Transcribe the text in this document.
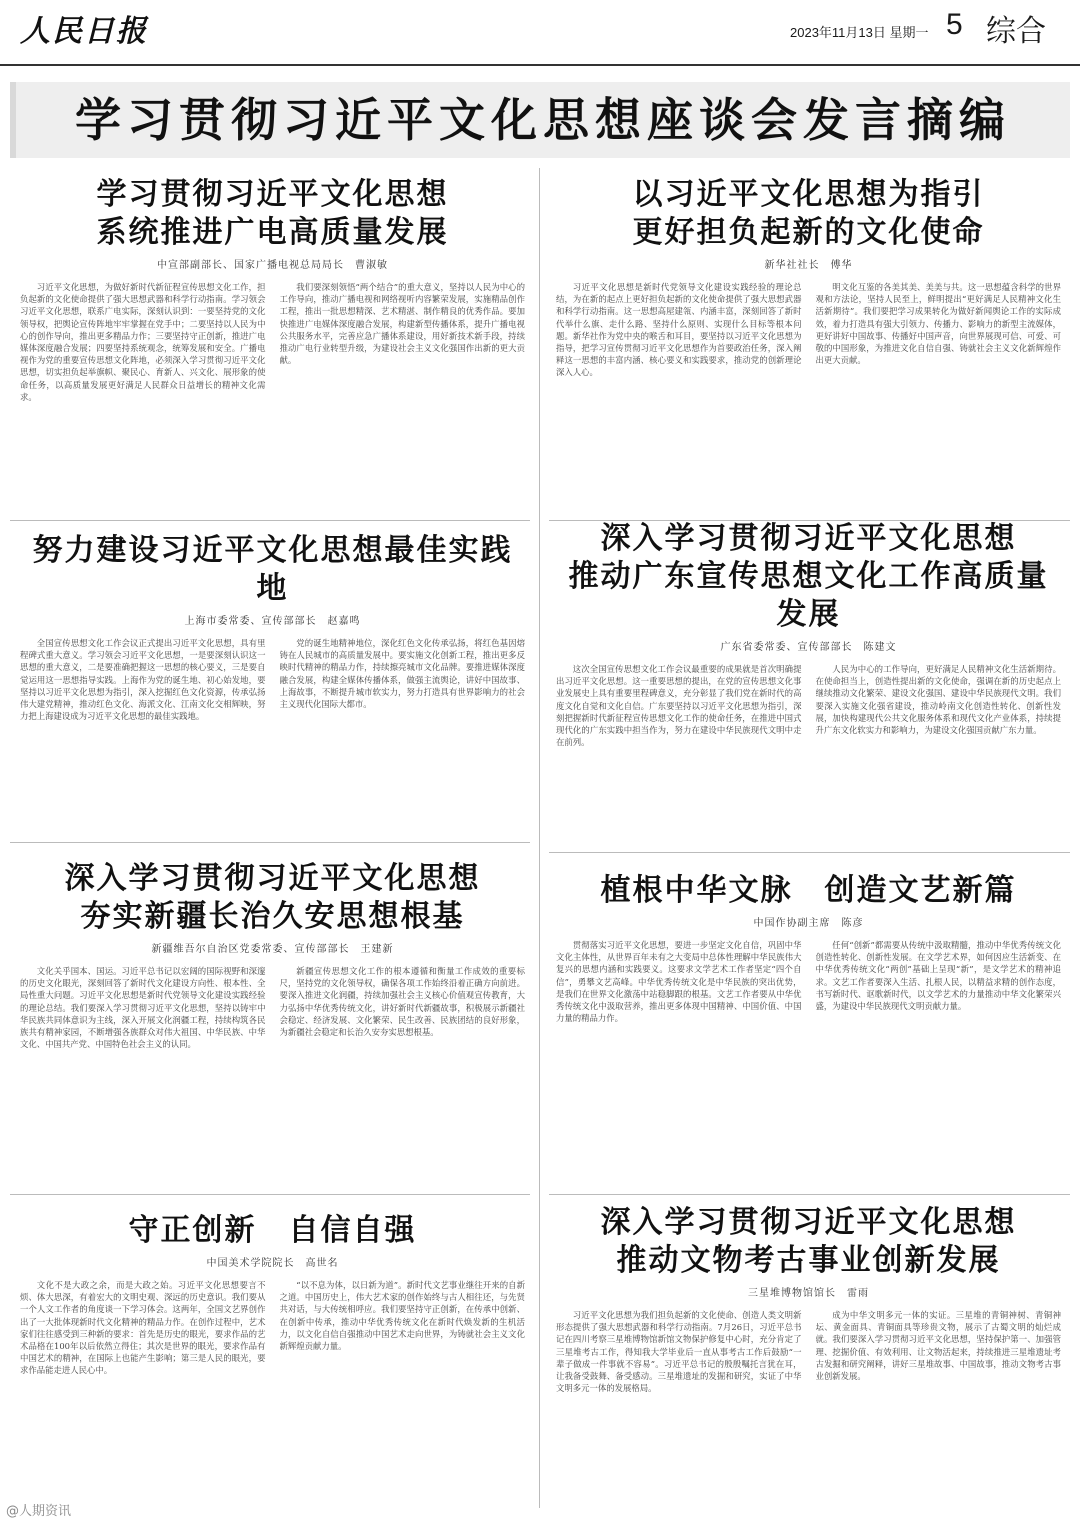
人民日报	2023年11月13日 星期一 5 综合
学习贯彻习近平文化思想座谈会发言摘编
学习贯彻习近平文化思想
系统推进广电高质量发展
中宣部副部长、国家广播电视总局局长　曹淑敏
习近平文化思想，为做好新时代新征程宣传思想文化工作，担负起新的文化使命提供了强大思想武器和科学行动指南。学习领会习近平文化思想，联系广电实际，深刻认识到：一要坚持党的文化领导权，把舆论宣传阵地牢牢掌握在党手中；二要坚持以人民为中心的创作导向，推出更多精品力作；三要坚持守正创新，推进广电媒体深度融合发展；四要坚持系统观念，统筹发展和安全。广播电视作为党的重要宣传思想文化阵地，必须深入学习贯彻习近平文化思想，切实担负起举旗帜、聚民心、育新人、兴文化、展形象的使命任务，以高质量发展更好满足人民群众日益增长的精神文化需求。
我们要深刻领悟“两个结合”的重大意义，坚持以人民为中心的工作导向，推动广播电视和网络视听内容繁荣发展，实施精品创作工程，推出一批思想精深、艺术精湛、制作精良的优秀作品。要加快推进广电媒体深度融合发展，构建新型传播体系，提升广播电视公共服务水平，完善应急广播体系建设，用好新技术新手段，持续推动广电行业转型升级，为建设社会主义文化强国作出新的更大贡献。
以习近平文化思想为指引
更好担负起新的文化使命
新华社社长　傅华
习近平文化思想是新时代党领导文化建设实践经验的理论总结，为在新的起点上更好担负起新的文化使命提供了强大思想武器和科学行动指南。这一思想高屋建瓴、内涵丰富，深刻回答了新时代举什么旗、走什么路、坚持什么原则、实现什么目标等根本问题。新华社作为党中央的喉舌和耳目，要坚持以习近平文化思想为指导，把学习宣传贯彻习近平文化思想作为首要政治任务，深入阐释这一思想的丰富内涵、核心要义和实践要求，推动党的创新理论深入人心。
明文化互鉴的各美其美、美美与共。这一思想蕴含科学的世界观和方法论，坚持人民至上，鲜明提出“更好满足人民精神文化生活新期待”。我们要把学习成果转化为做好新闻舆论工作的实际成效，着力打造具有强大引领力、传播力、影响力的新型主流媒体，更好讲好中国故事、传播好中国声音，向世界展现可信、可爱、可敬的中国形象，为推进文化自信自强、铸就社会主义文化新辉煌作出更大贡献。
努力建设习近平文化思想最佳实践地
上海市委常委、宣传部部长　赵嘉鸣
全国宣传思想文化工作会议正式提出习近平文化思想，具有里程碑式重大意义。学习领会习近平文化思想，一是要深刻认识这一思想的重大意义，二是要准确把握这一思想的核心要义，三是要自觉运用这一思想指导实践。上海作为党的诞生地、初心始发地，要坚持以习近平文化思想为指引，深入挖掘红色文化资源，传承弘扬伟大建党精神，推动红色文化、海派文化、江南文化交相辉映，努力把上海建设成为习近平文化思想的最佳实践地。
党的诞生地精神地位，深化红色文化传承弘扬，将红色基因熔铸在人民城市的高质量发展中。要实施文化创新工程，推出更多反映时代精神的精品力作，持续擦亮城市文化品牌。要推进媒体深度融合发展，构建全媒体传播体系，做强主流舆论，讲好中国故事、上海故事，不断提升城市软实力，努力打造具有世界影响力的社会主义现代化国际大都市。
深入学习贯彻习近平文化思想
推动广东宣传思想文化工作高质量发展
广东省委常委、宣传部部长　陈建文
这次全国宣传思想文化工作会议最重要的成果就是首次明确提出习近平文化思想。这一重要思想的提出，在党的宣传思想文化事业发展史上具有重要里程碑意义，充分彰显了我们党在新时代的高度文化自觉和文化自信。广东要坚持以习近平文化思想为指引，深刻把握新时代新征程宣传思想文化工作的使命任务，在推进中国式现代化的广东实践中担当作为，努力在建设中华民族现代文明中走在前列。
人民为中心的工作导向，更好满足人民精神文化生活新期待。在使命担当上，创造性提出新的文化使命，强调在新的历史起点上继续推动文化繁荣、建设文化强国、建设中华民族现代文明。我们要深入实施文化强省建设，推动岭南文化创造性转化、创新性发展，加快构建现代公共文化服务体系和现代文化产业体系，持续提升广东文化软实力和影响力，为建设文化强国贡献广东力量。
深入学习贯彻习近平文化思想
夯实新疆长治久安思想根基
新疆维吾尔自治区党委常委、宣传部部长　王建新
文化关乎国本、国运。习近平总书记以宏阔的国际视野和深邃的历史文化眼光，深刻回答了新时代文化建设方向性、根本性、全局性重大问题。习近平文化思想是新时代党领导文化建设实践经验的理论总结。我们要深入学习贯彻习近平文化思想，坚持以铸牢中华民族共同体意识为主线，深入开展文化润疆工程，持续构筑各民族共有精神家园，不断增强各族群众对伟大祖国、中华民族、中华文化、中国共产党、中国特色社会主义的认同。
新疆宣传思想文化工作的根本遵循和衡量工作成效的重要标尺，坚持党的文化领导权，确保各项工作始终沿着正确方向前进。要深入推进文化润疆，持续加强社会主义核心价值观宣传教育，大力弘扬中华优秀传统文化，讲好新时代新疆故事，积极展示新疆社会稳定、经济发展、文化繁荣、民生改善、民族团结的良好形象，为新疆社会稳定和长治久安夯实思想根基。
植根中华文脉　创造文艺新篇
中国作协副主席　陈彦
贯彻落实习近平文化思想，要进一步坚定文化自信，巩固中华文化主体性，从世界百年未有之大变局中总体性理解中华民族伟大复兴的思想内涵和实践要义。这要求文学艺术工作者坚定“四个自信”，勇攀文艺高峰。中华优秀传统文化是中华民族的突出优势，是我们在世界文化激荡中站稳脚跟的根基。文艺工作者要从中华优秀传统文化中汲取营养，推出更多体现中国精神、中国价值、中国力量的精品力作。
任何“创新”都需要从传统中汲取精髓，推动中华优秀传统文化创造性转化、创新性发展。在文学艺术界，如何因应生活新变、在中华优秀传统文化“两创”基础上呈现“新”，是文学艺术的精神追求。文艺工作者要深入生活、扎根人民，以精益求精的创作态度，书写新时代、讴歌新时代，以文学艺术的力量推动中华文化繁荣兴盛，为建设中华民族现代文明贡献力量。
守正创新　自信自强
中国美术学院院长　高世名
文化不是大政之余，而是大政之始。习近平文化思想要言不烦、体大思深，有着宏大的文明史观、深远的历史意识。我们要从一个人文工作者的角度谈一下学习体会。这两年，全国文艺界创作出了一大批体现新时代文化精神的精品力作。在创作过程中，艺术家们往往感受到三种新的要求：首先是历史的眼光，要求作品的艺术品格在100年以后依然立得住；其次是世界的眼光，要求作品有中国艺术的精神，在国际上也能产生影响；第三是人民的眼光，要求作品能走进人民心中。
“以不息为体，以日新为道”。新时代文艺事业继往开来的自新之道。中国历史上，伟大艺术家的创作始终与古人相往还，与先贤共对话，与大传统相呼应。我们要坚持守正创新，在传承中创新、在创新中传承，推动中华优秀传统文化在新时代焕发新的生机活力，以文化自信自强推动中国艺术走向世界，为铸就社会主义文化新辉煌贡献力量。
深入学习贯彻习近平文化思想
推动文物考古事业创新发展
三星堆博物馆馆长　雷雨
习近平文化思想为我们担负起新的文化使命、创造人类文明新形态提供了强大思想武器和科学行动指南。7月26日，习近平总书记在四川考察三星堆博物馆新馆文物保护修复中心时，充分肯定了三星堆考古工作，得知我大学毕业后一直从事考古工作后鼓励“一辈子做成一件事就不容易”。习近平总书记的殷殷嘱托言犹在耳，让我备受鼓舞、备受感动。三星堆遗址的发掘和研究，实证了中华文明多元一体的发展格局。
成为中华文明多元一体的实证。三星堆的青铜神树、青铜神坛、黄金面具、青铜面具等珍贵文物，展示了古蜀文明的灿烂成就。我们要深入学习贯彻习近平文化思想，坚持保护第一、加强管理、挖掘价值、有效利用、让文物活起来，持续推进三星堆遗址考古发掘和研究阐释，讲好三星堆故事、中国故事，推动文物考古事业创新发展。
@人期资讯
